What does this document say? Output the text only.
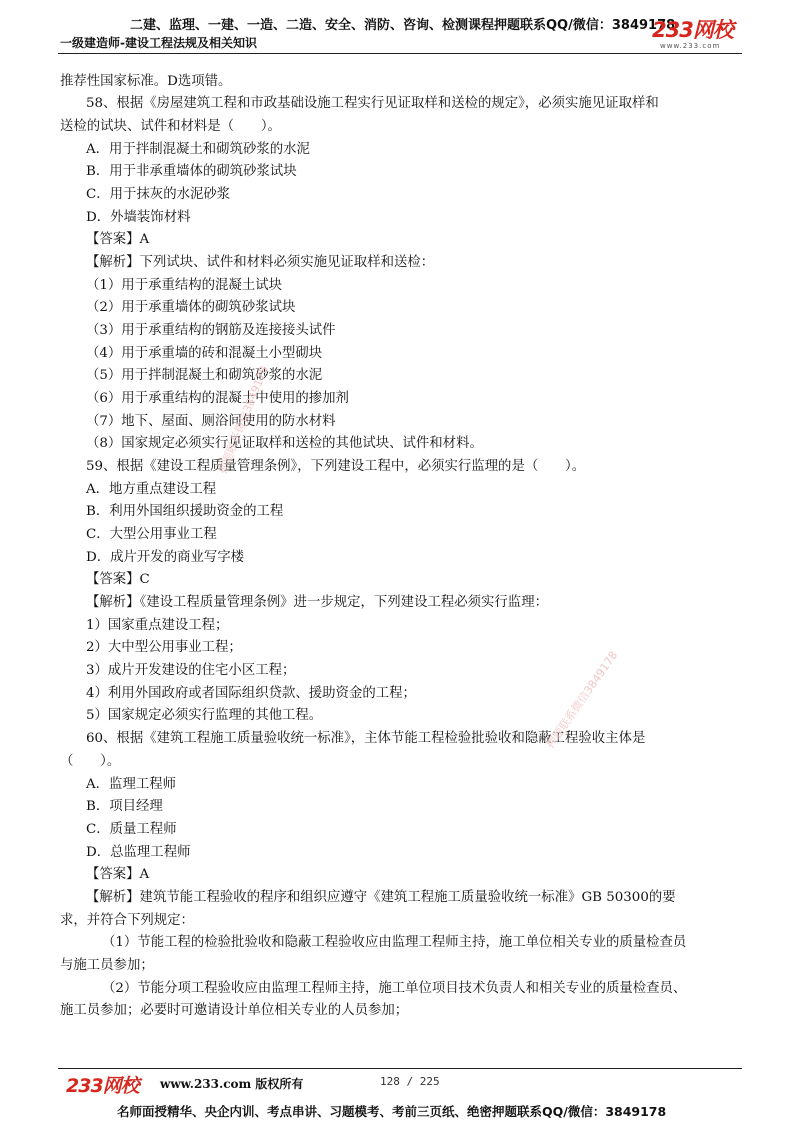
二建、监理、一建、一造、二造、安全、消防、咨询、检测课程押题联系QQ/微信：3849178
一级建造师-建设工程法规及相关知识
233网校
www.233.com
推荐性国家标准。D选项错。
58、根据《房屋建筑工程和市政基础设施工程实行见证取样和送检的规定》，必须实施见证取样和
送检的试块、试件和材料是（　　）。
A．用于拌制混凝土和砌筑砂浆的水泥
B．用于非承重墙体的砌筑砂浆试块
C．用于抹灰的水泥砂浆
D．外墙装饰材料
【答案】A
【解析】下列试块、试件和材料必须实施见证取样和送检：
（1）用于承重结构的混凝土试块
（2）用于承重墙体的砌筑砂浆试块
（3）用于承重结构的钢筋及连接接头试件
（4）用于承重墙的砖和混凝土小型砌块
（5）用于拌制混凝土和砌筑砂浆的水泥
（6）用于承重结构的混凝土中使用的掺加剂
（7）地下、屋面、厕浴间使用的防水材料
（8）国家规定必须实行见证取样和送检的其他试块、试件和材料。
59、根据《建设工程质量管理条例》，下列建设工程中，必须实行监理的是（　　）。
A．地方重点建设工程
B．利用外国组织援助资金的工程
C．大型公用事业工程
D．成片开发的商业写字楼
【答案】C
【解析】《建设工程质量管理条例》进一步规定，下列建设工程必须实行监理：
1）国家重点建设工程；
2）大中型公用事业工程；
3）成片开发建设的住宅小区工程；
4）利用外国政府或者国际组织贷款、援助资金的工程；
5）国家规定必须实行监理的其他工程。
60、根据《建筑工程施工质量验收统一标准》，主体节能工程检验批验收和隐蔽工程验收主体是
（　　）。
A．监理工程师
B．项目经理
C．质量工程师
D．总监理工程师
【答案】A
【解析】建筑节能工程验收的程序和组织应遵守《建筑工程施工质量验收统一标准》GB 50300的要
求，并符合下列规定：
（1）节能工程的检验批验收和隐蔽工程验收应由监理工程师主持，施工单位相关专业的质量检查员
与施工员参加；
（2）节能分项工程验收应由监理工程师主持，施工单位项目技术负责人和相关专业的质量检查员、
施工员参加；必要时可邀请设计单位相关专业的人员参加；
押题联系微信3849178
押题联系微信3849178
233网校 www.233.com 版权所有	128 / 225
名师面授精华、央企内训、考点串讲、习题模考、考前三页纸、绝密押题联系QQ/微信：3849178
